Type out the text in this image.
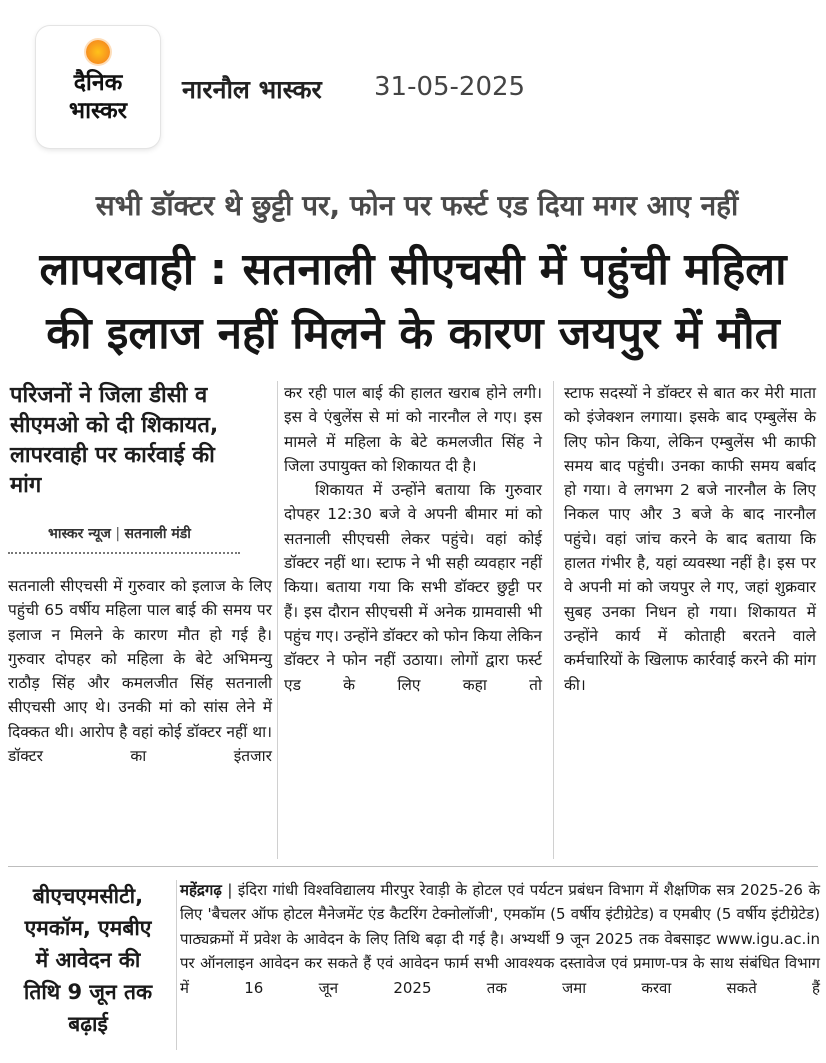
दैनिक
भास्कर
नारनौल भास्कर 31-05-2025
सभी डॉक्टर थे छुट्टी पर, फोन पर फर्स्ट एड दिया मगर आए नहीं
लापरवाही : सतनाली सीएचसी में पहुंची महिला
की इलाज नहीं मिलने के कारण जयपुर में मौत
परिजनों ने जिला डीसी व सीएमओ को दी शिकायत, लापरवाही पर कार्रवाई की मांग
भास्कर न्यूज | सतनाली मंडी

सतनाली सीएचसी में गुरुवार को इलाज के लिए पहुंची 65 वर्षीय महिला पाल बाई की समय पर इलाज न मिलने के कारण मौत हो गई है। गुरुवार दोपहर को महिला के बेटे अभिमन्यु राठौड़ सिंह और कमलजीत सिंह सतनाली सीएचसी आए थे। उनकी मां को सांस लेने में दिक्कत थी। आरोप है वहां कोई डॉक्टर नहीं था। डॉक्टर का इंतजार

कर रही पाल बाई की हालत खराब होने लगी। इस वे एंबुलेंस से मां को नारनौल ले गए। इस मामले में महिला के बेटे कमलजीत सिंह ने जिला उपायुक्त को शिकायत दी है।

शिकायत में उन्होंने बताया कि गुरुवार दोपहर 12:30 बजे वे अपनी बीमार मां को सतनाली सीएचसी लेकर पहुंचे। वहां कोई डॉक्टर नहीं था। स्टाफ ने भी सही व्यवहार नहीं किया। बताया गया कि सभी डॉक्टर छुट्टी पर हैं। इस दौरान सीएचसी में अनेक ग्रामवासी भी पहुंच गए। उन्होंने डॉक्टर को फोन किया लेकिन डॉक्टर ने फोन नहीं उठाया। लोगों द्वारा फर्स्ट एड के लिए कहा तो

स्टाफ सदस्यों ने डॉक्टर से बात कर मेरी माता को इंजेक्शन लगाया। इसके बाद एम्बुलेंस के लिए फोन किया, लेकिन एम्बुलेंस भी काफी समय बाद पहुंची। उनका काफी समय बर्बाद हो गया। वे लगभग 2 बजे नारनौल के लिए निकल पाए और 3 बजे के बाद नारनौल पहुंचे। वहां जांच करने के बाद बताया कि हालत गंभीर है, यहां व्यवस्था नहीं है। इस पर वे अपनी मां को जयपुर ले गए, जहां शुक्रवार सुबह उनका निधन हो गया। शिकायत में उन्होंने कार्य में कोताही बरतने वाले कर्मचारियों के खिलाफ कार्रवाई करने की मांग की।

बीएचएमसीटी,
एमकॉम, एमबीए
में आवेदन की
तिथि 9 जून तक
बढ़ाई

महेंद्रगढ़ | इंदिरा गांधी विश्वविद्यालय मीरपुर रेवाड़ी के होटल एवं पर्यटन प्रबंधन विभाग में शैक्षणिक सत्र 2025-26 के लिए 'बैचलर ऑफ होटल मैनेजमेंट एंड कैटरिंग टेक्नोलॉजी', एमकॉम (5 वर्षीय इंटीग्रेटेड) व एमबीए (5 वर्षीय इंटीग्रेटेड) पाठ्यक्रमों में प्रवेश के आवेदन के लिए तिथि बढ़ा दी गई है। अभ्यर्थी 9 जून 2025 तक वेबसाइट www.igu.ac.in पर ऑनलाइन आवेदन कर सकते हैं एवं आवेदन फार्म सभी आवश्यक दस्तावेज एवं प्रमाण-पत्र के साथ संबंधित विभाग में 16 जून 2025 तक जमा करवा सकते हैं
